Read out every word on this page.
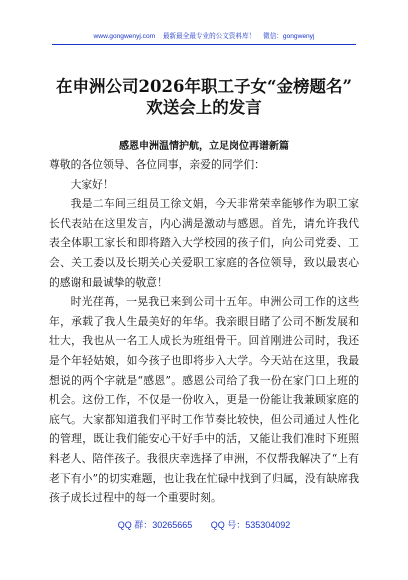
www.gongwenyj.com 最新最全最专业的公文资料库！ 微信：gongwenyj
在申洲公司2026年职工子女“金榜题名”
欢送会上的发言
感恩申洲温情护航，立足岗位再谱新篇

尊敬的各位领导、各位同事，亲爱的同学们：

大家好！

我是二车间三组员工徐文娟，今天非常荣幸能够作为职工家长代表站在这里发言，内心满是激动与感恩。首先，请允许我代表全体职工家长和即将踏入大学校园的孩子们，向公司党委、工会、关工委以及长期关心关爱职工家庭的各位领导，致以最衷心的感谢和最诚挚的敬意！

时光荏苒，一晃我已来到公司十五年。申洲公司工作的这些年，承载了我人生最美好的年华。我亲眼目睹了公司不断发展和壮大，我也从一名工人成长为班组骨干。回首刚进公司时，我还是个年轻姑娘，如今孩子也即将步入大学。今天站在这里，我最想说的两个字就是“感恩”。感恩公司给了我一份在家门口上班的机会。这份工作，不仅是一份收入，更是一份能让我兼顾家庭的底气。大家都知道我们平时工作节奏比较快，但公司通过人性化的管理，既让我们能安心干好手中的活，又能让我们准时下班照料老人、陪伴孩子。我很庆幸选择了申洲，不仅帮我解决了“上有老下有小”的切实难题，也让我在忙碌中找到了归属，没有缺席我孩子成长过程中的每一个重要时刻。

QQ 群：30265665 QQ 号：535304092
